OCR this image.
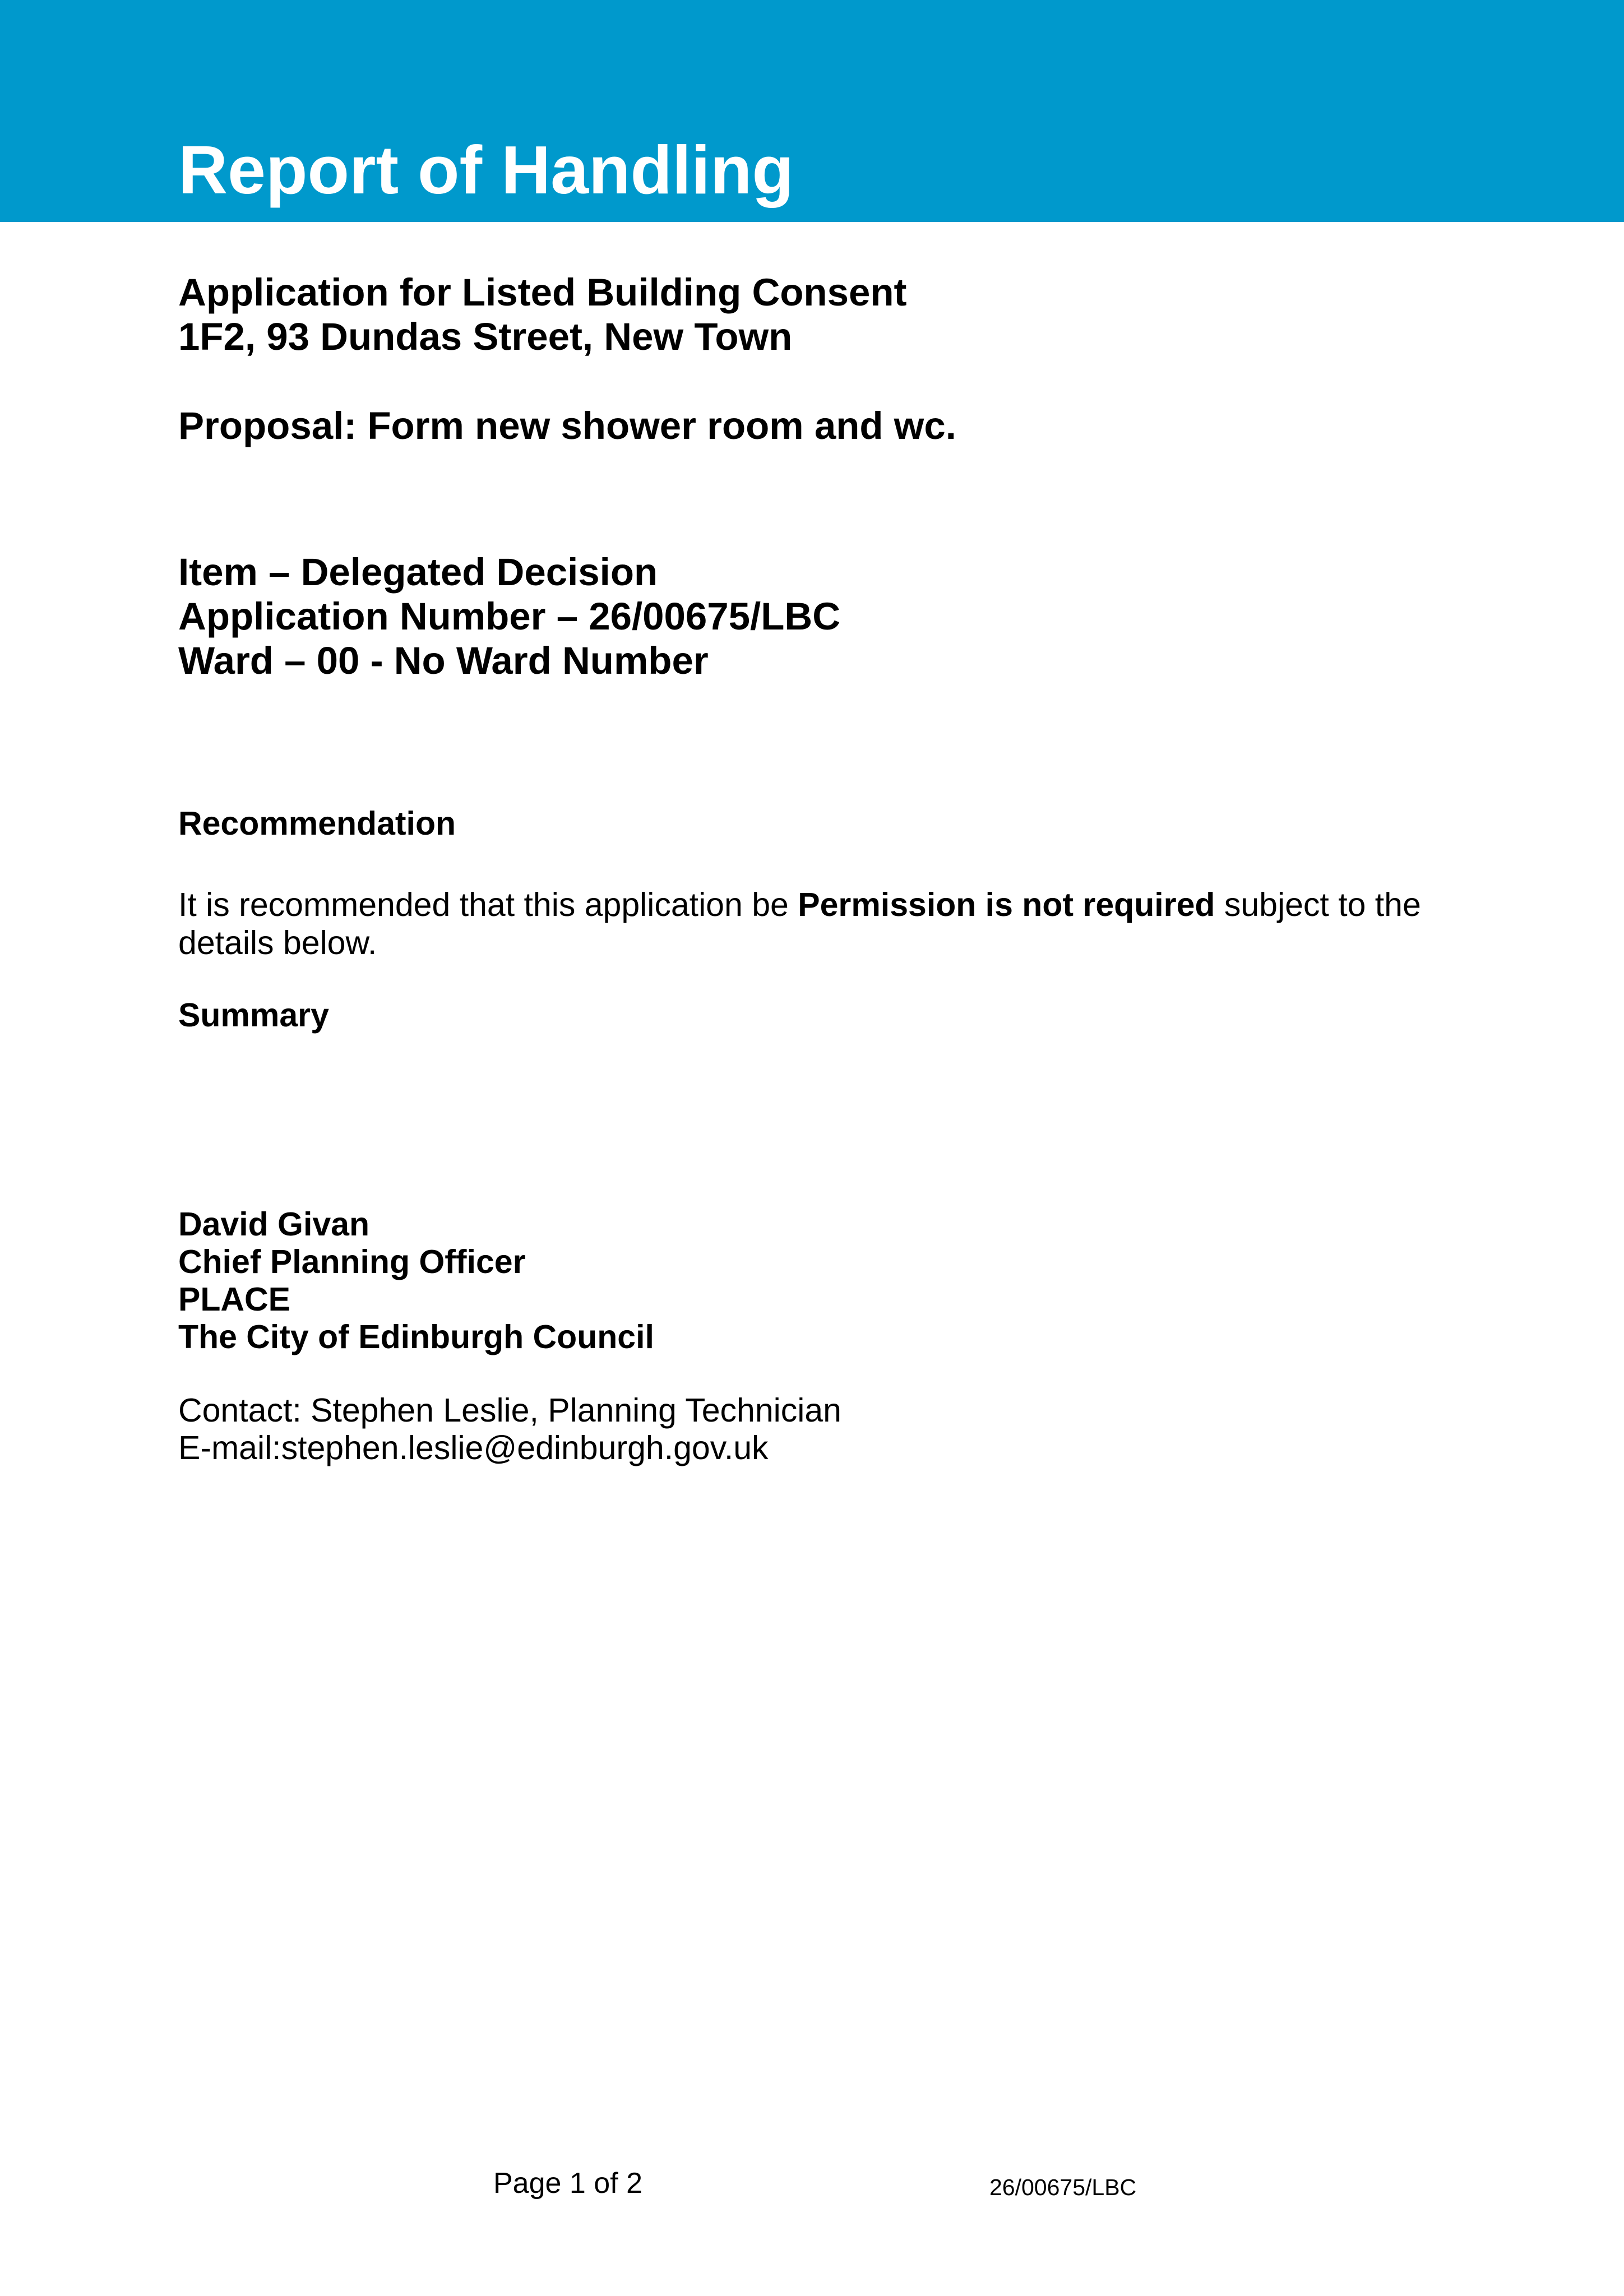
Report of Handling
Application for Listed Building Consent
1F2, 93 Dundas Street, New Town
Proposal: Form new shower room and wc.
Item – Delegated Decision
Application Number – 26/00675/LBC
Ward – 00 - No Ward Number
Recommendation

It is recommended that this application be Permission is not required subject to the details below.

Summary
David Givan
Chief Planning Officer
PLACE
The City of Edinburgh Council
Contact: Stephen Leslie, Planning Technician
E-mail:stephen.leslie@edinburgh.gov.uk
Page 1 of 2	26/00675/LBC
